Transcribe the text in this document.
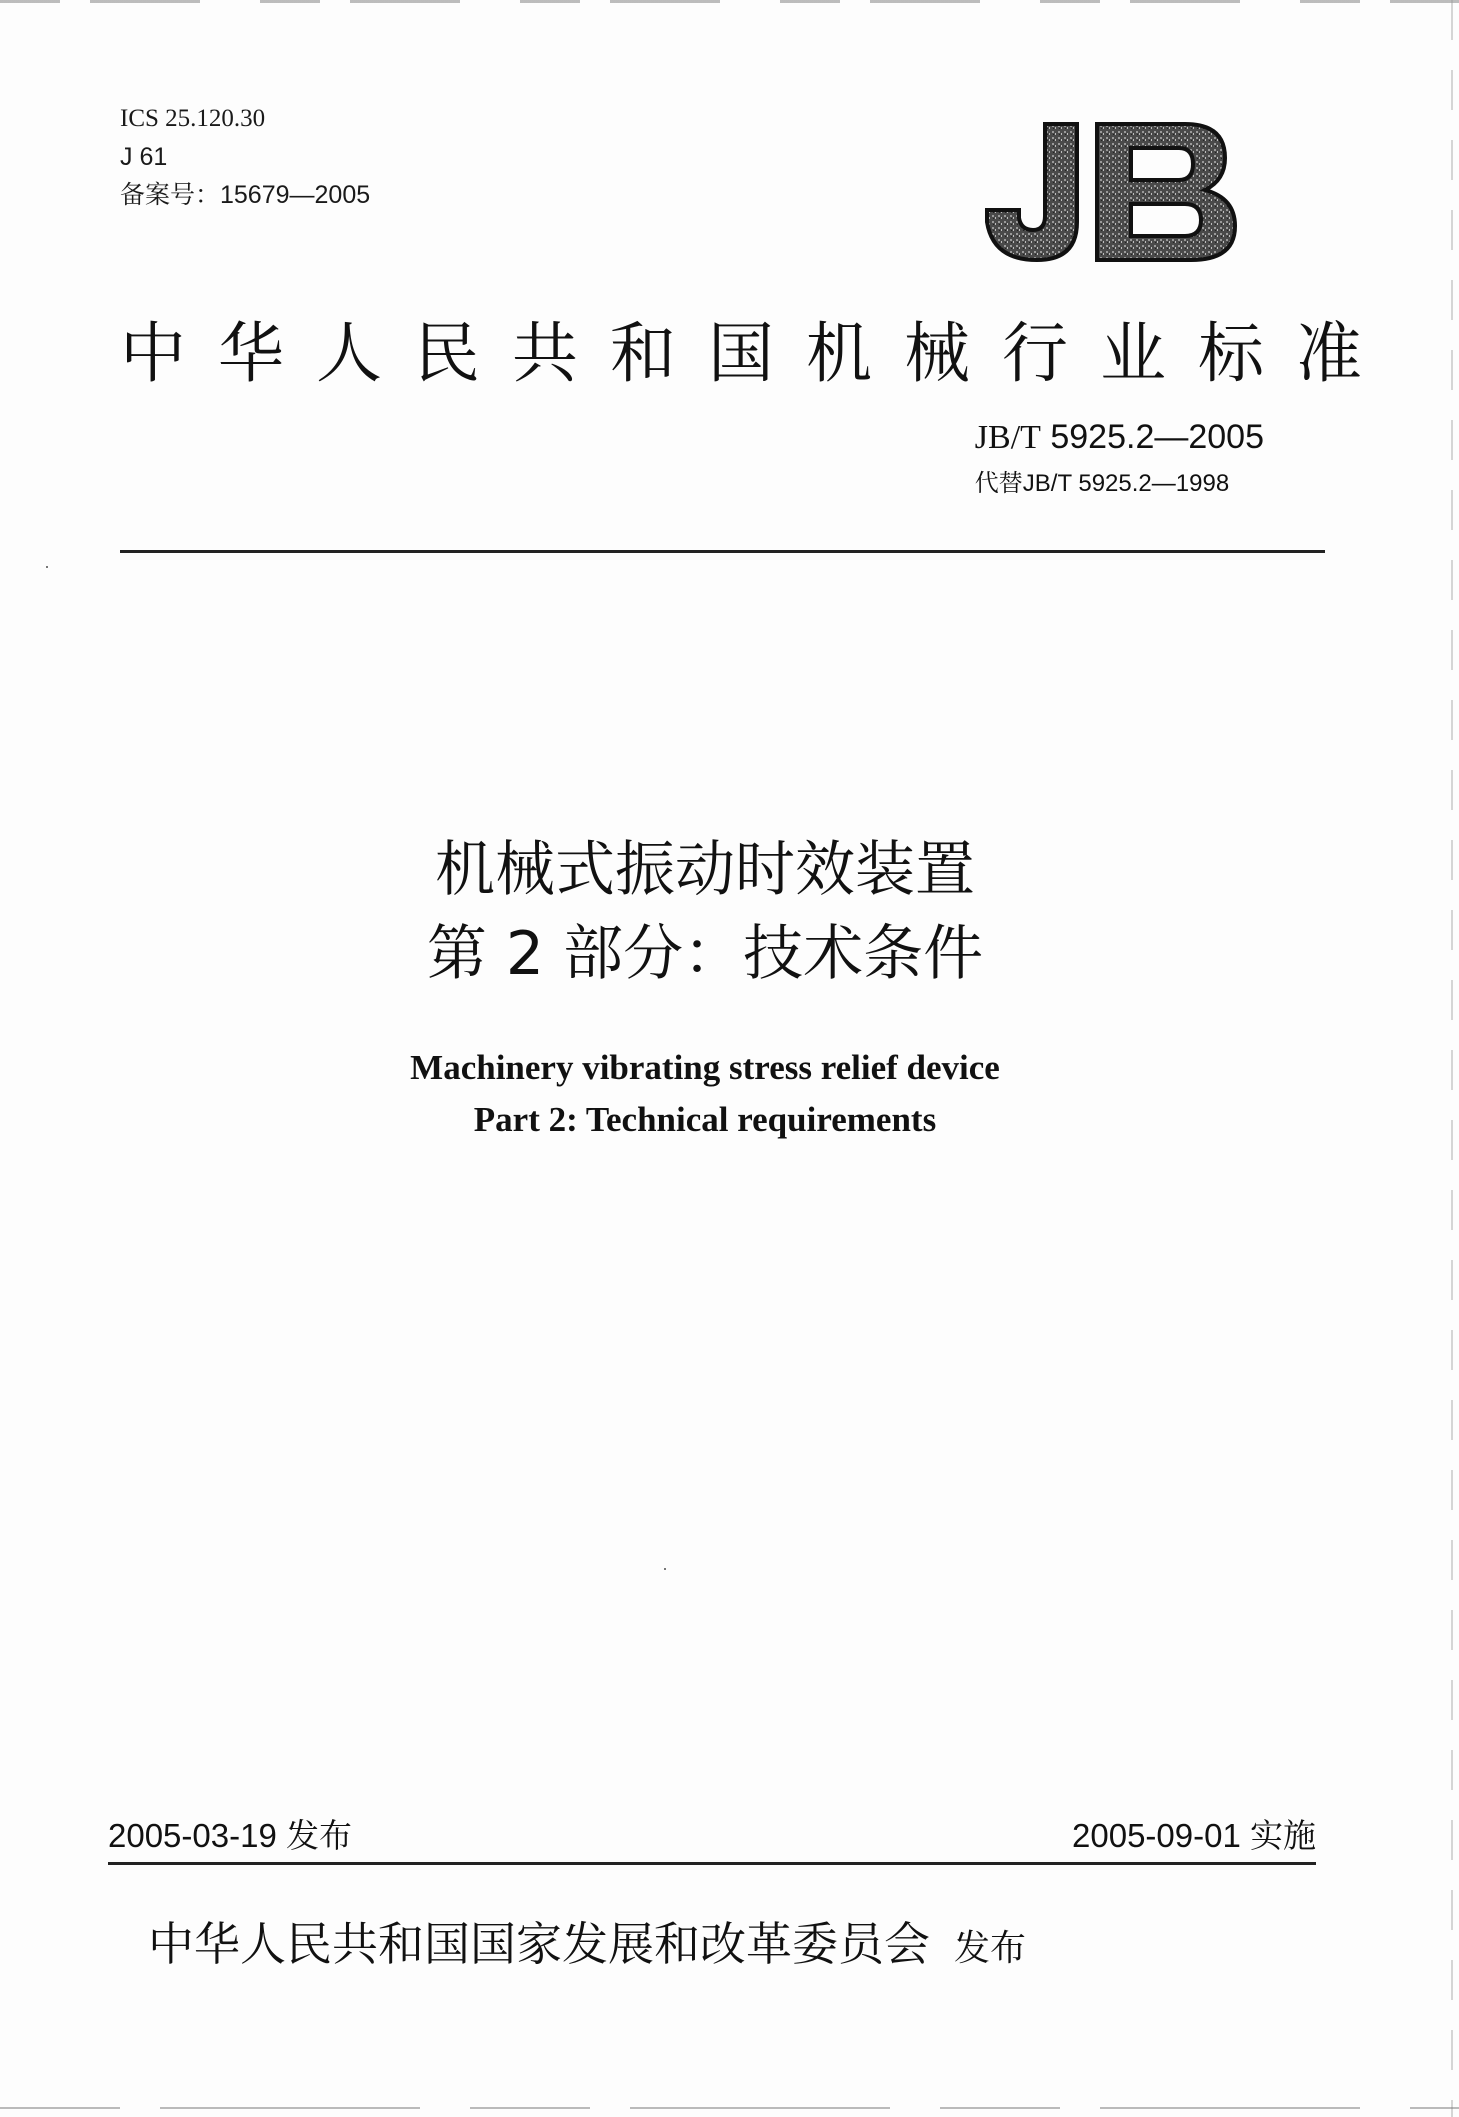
ICS 25.120.30
J 61
备案号：15679—2005
中华人民共和国机械行业标准
JB/T 5925.2—2005
代替JB/T 5925.2—1998
机械式振动时效装置
第 2 部分：技术条件
Machinery vibrating stress relief device
Part 2: Technical requirements
2005-03-19 发布	2005-09-01 实施
中华人民共和国国家发展和改革委员会 发布
